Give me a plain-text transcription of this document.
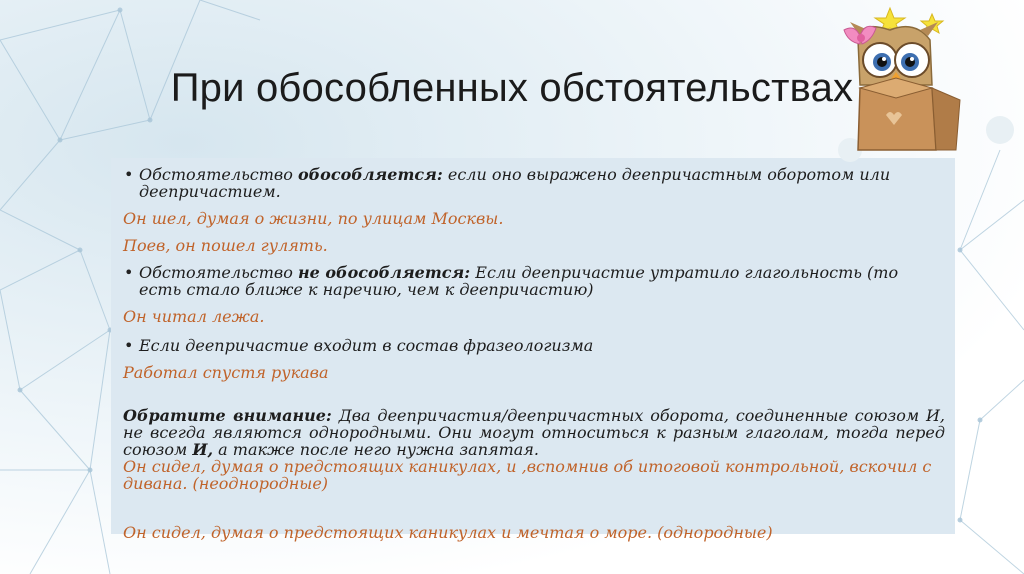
При обособленных обстоятельствах

• Обстоятельство обособляется: если оно выражено деепричастным оборотом или деепричастием.

Он шел, думая о жизни, по улицам Москвы.

Поев, он пошел гулять.

• Обстоятельство не обособляется: Если деепричастие утратило глагольность (то есть стало ближе к наречию, чем к деепричастию)

Он читал лежа.

• Если деепричастие входит в состав фразеологизма

Работал спустя рукава

Обратите внимание: Два деепричастия/деепричастных оборота, соединенные союзом И, не всегда являются однородными. Они могут относиться к разным глаголам, тогда перед союзом И, а также после него нужна запятая.

Он сидел, думая о предстоящих каникулах, и ,вспомнив об итоговой контрольной, вскочил с дивана. (неоднородные)

Он сидел, думая о предстоящих каникулах и мечтая о море. (однородные)
